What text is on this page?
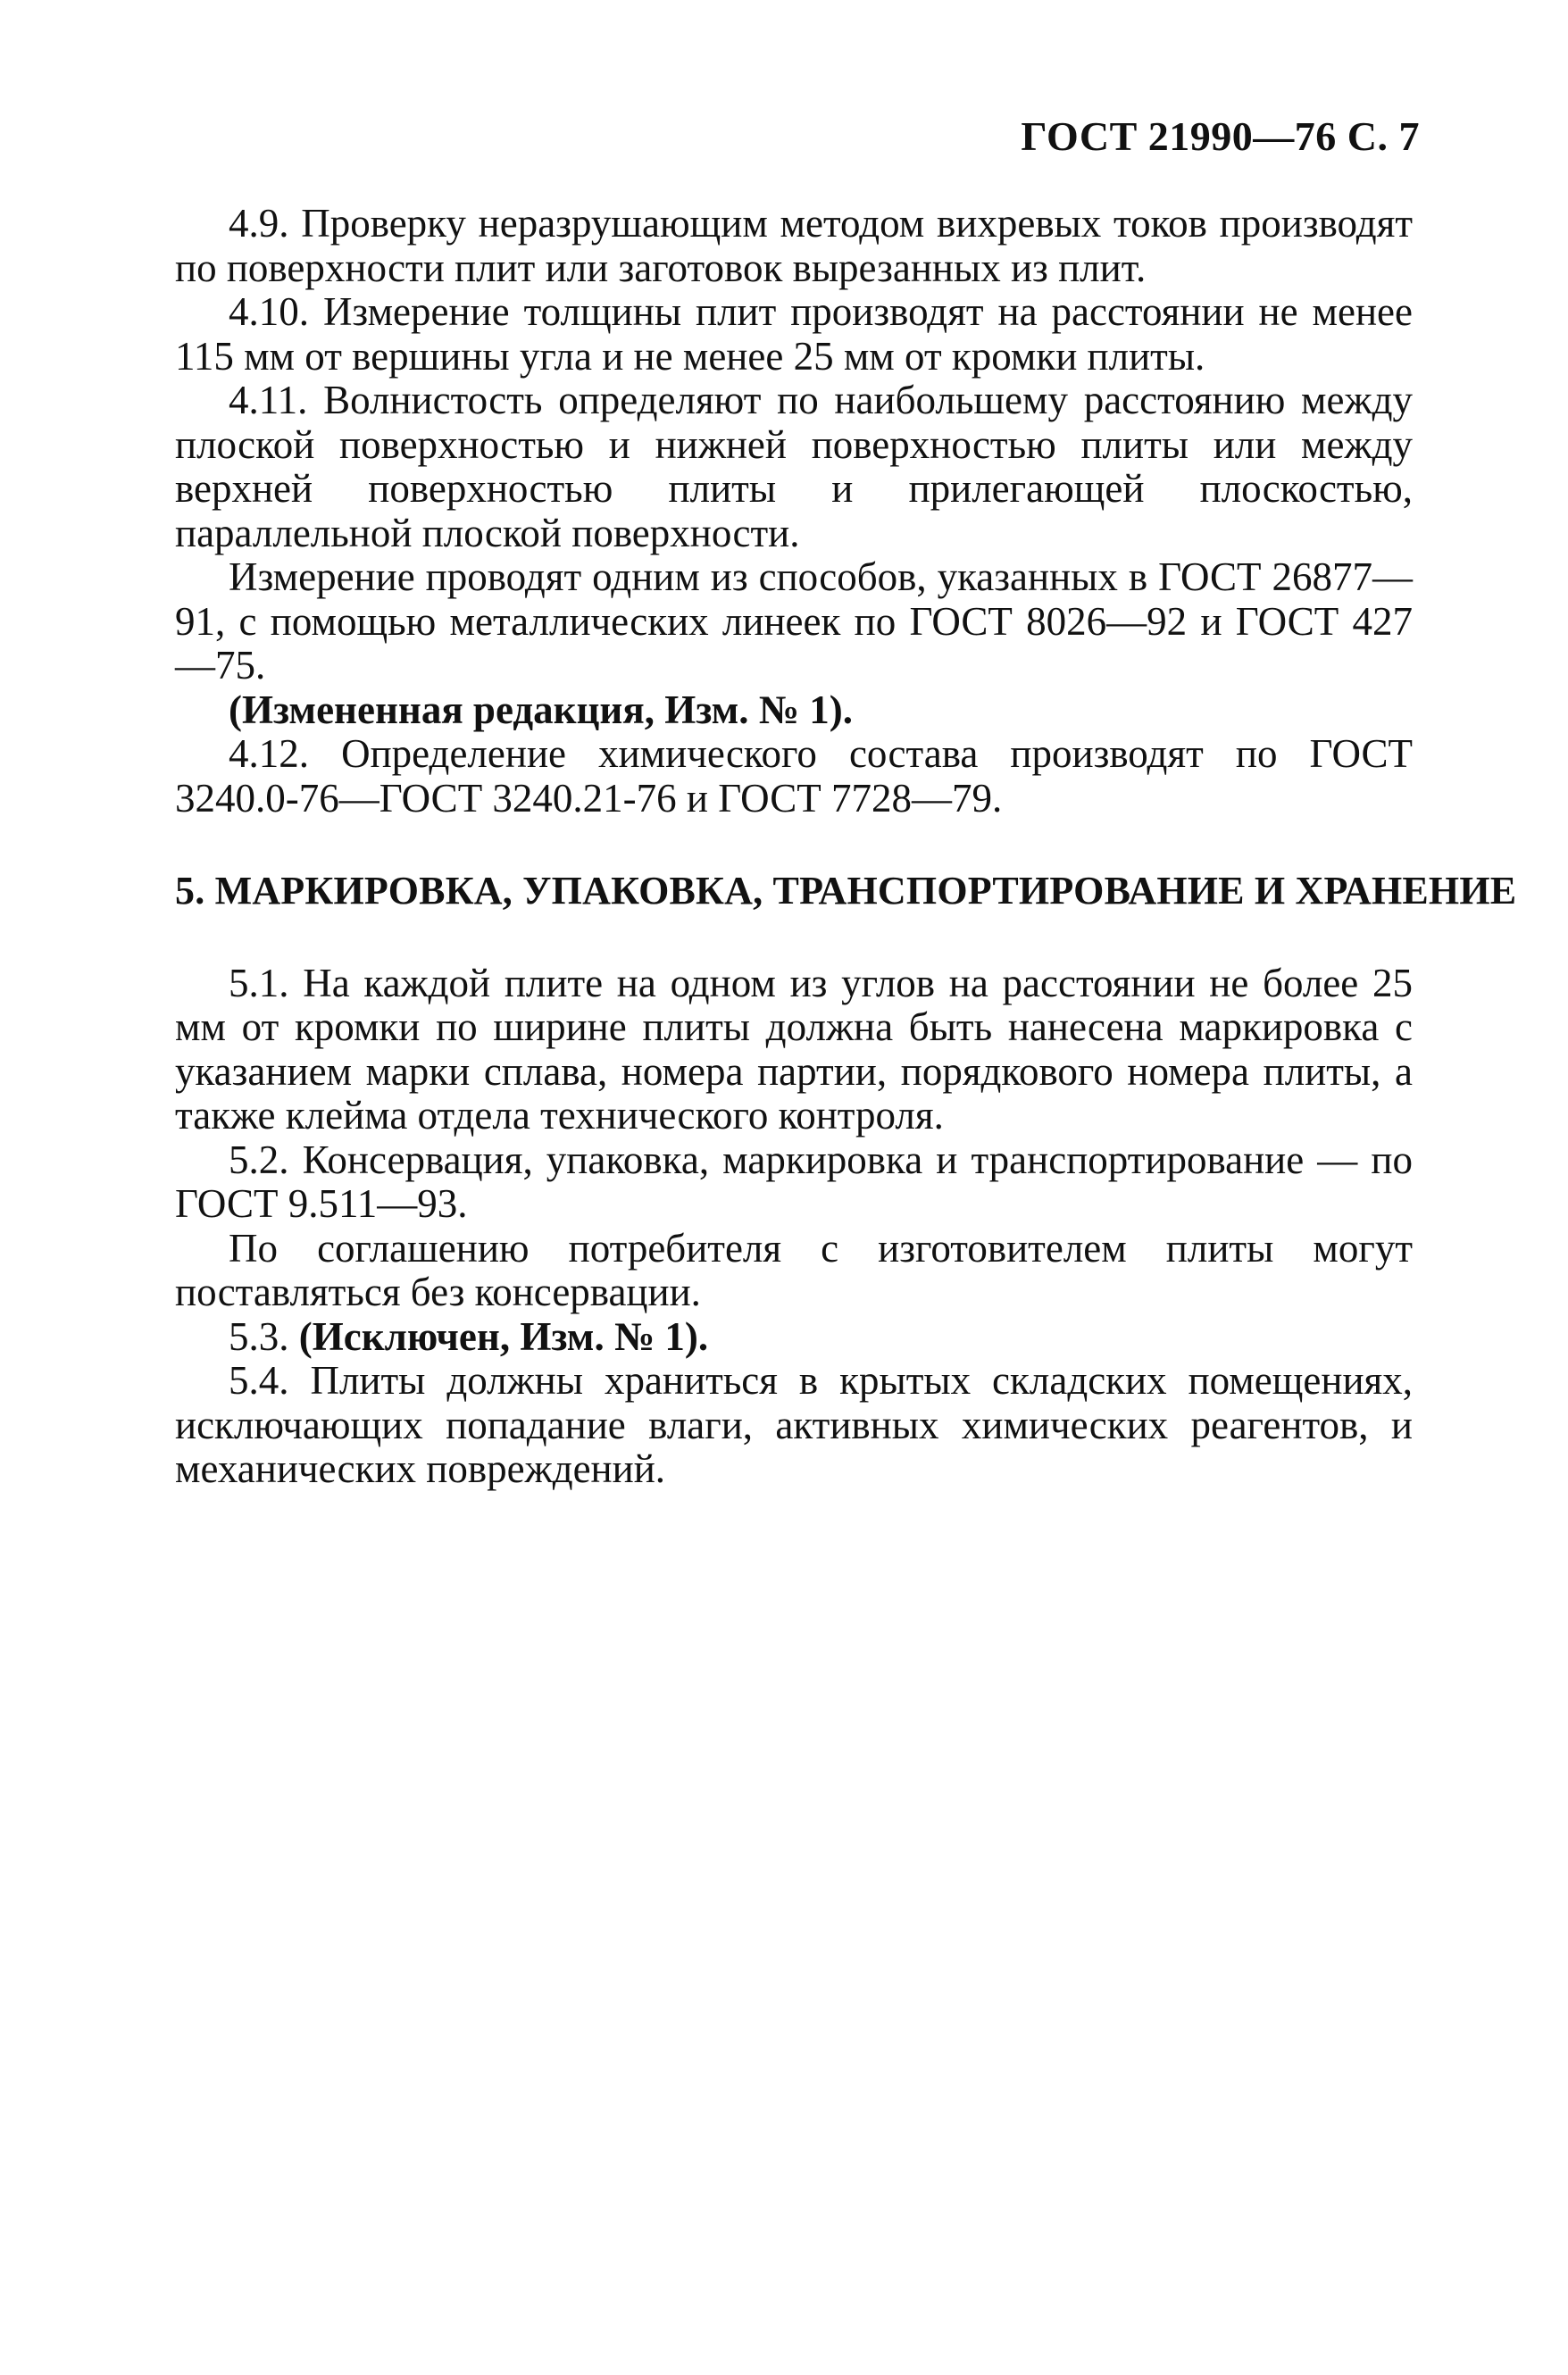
ГОСТ 21990—76 С. 7

4.9. Проверку неразрушающим методом вихревых токов производят по поверхности плит или заготовок вырезанных из плит.

4.10. Измерение толщины плит производят на расстоянии не менее 115 мм от вершины угла и не менее 25 мм от кромки плиты.

4.11. Волнистость определяют по наибольшему расстоянию между плоской поверхностью и нижней поверхностью плиты или между верхней поверхностью плиты и прилегающей плоскостью, параллельной плоской поверхности.

Измерение проводят одним из способов, указанных в ГОСТ 26877—91, с помощью металлических линеек по ГОСТ 8026—92 и ГОСТ 427—75.

(Измененная редакция, Изм. № 1).

4.12. Определение химического состава производят по ГОСТ 3240.0-76—ГОСТ 3240.21-76 и ГОСТ 7728—79.

5. МАРКИРОВКА, УПАКОВКА, ТРАНСПОРТИРОВАНИЕ И ХРАНЕНИЕ

5.1. На каждой плите на одном из углов на расстоянии не более 25 мм от кромки по ширине плиты должна быть нанесена маркировка с указанием марки сплава, номера партии, порядкового номера плиты, а также клейма отдела технического контроля.

5.2. Консервация, упаковка, маркировка и транспортирование — по ГОСТ 9.511—93.

По соглашению потребителя с изготовителем плиты могут поставляться без консервации.

5.3. (Исключен, Изм. № 1).

5.4. Плиты должны храниться в крытых складских помещениях, исключающих попадание влаги, активных химических реагентов, и механических повреждений.
